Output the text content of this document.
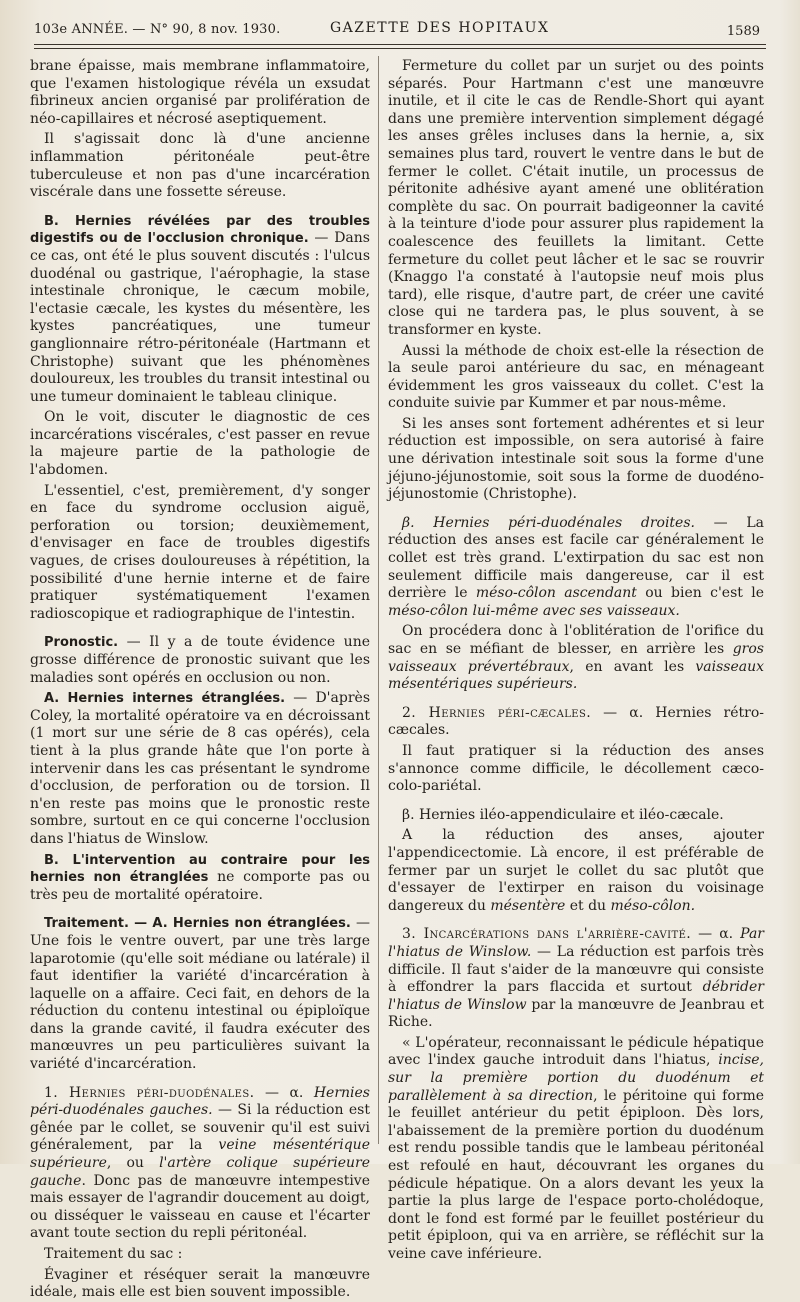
103e ANNÉE. — N° 90, 8 nov. 1930.	GAZETTE DES HOPITAUX	1589

brane épaisse, mais membrane inflammatoire, que l'examen histologique révéla un exsudat fibrineux ancien organisé par prolifération de néo-capillaires et nécrosé aseptiquement.

Il s'agissait donc là d'une ancienne inflammation péritonéale peut-être tuberculeuse et non pas d'une incarcération viscérale dans une fossette séreuse.

B. Hernies révélées par des troubles digestifs ou de l'occlusion chronique. — Dans ce cas, ont été le plus souvent discutés : l'ulcus duodénal ou gastrique, l'aérophagie, la stase intestinale chronique, le cæcum mobile, l'ectasie cæcale, les kystes du mésentère, les kystes pancréatiques, une tumeur ganglionnaire rétro-péritonéale (Hartmann et Christophe) suivant que les phénomènes douloureux, les troubles du transit intestinal ou une tumeur dominaient le tableau clinique.

On le voit, discuter le diagnostic de ces incarcérations viscérales, c'est passer en revue la majeure partie de la pathologie de l'abdomen.

L'essentiel, c'est, premièrement, d'y songer en face du syndrome occlusion aiguë, perforation ou torsion; deuxièmement, d'envisager en face de troubles digestifs vagues, de crises douloureuses à répétition, la possibilité d'une hernie interne et de faire pratiquer systématiquement l'examen radioscopique et radiographique de l'intestin.

Pronostic. — Il y a de toute évidence une grosse différence de pronostic suivant que les maladies sont opérés en occlusion ou non.

A. Hernies internes étranglées. — D'après Coley, la mortalité opératoire va en décroissant (1 mort sur une série de 8 cas opérés), cela tient à la plus grande hâte que l'on porte à intervenir dans les cas présentant le syndrome d'occlusion, de perforation ou de torsion. Il n'en reste pas moins que le pronostic reste sombre, surtout en ce qui concerne l'occlusion dans l'hiatus de Winslow.

B. L'intervention au contraire pour les hernies non étranglées ne comporte pas ou très peu de mortalité opératoire.

Traitement. — A. Hernies non étranglées. — Une fois le ventre ouvert, par une très large laparotomie (qu'elle soit médiane ou latérale) il faut identifier la variété d'incarcération à laquelle on a affaire. Ceci fait, en dehors de la réduction du contenu intestinal ou épiploïque dans la grande cavité, il faudra exécuter des manœuvres un peu particulières suivant la variété d'incarcération.

1. Hernies péri-duodénales. — α. Hernies péri-duodénales gauches. — Si la réduction est gênée par le collet, se souvenir qu'il est suivi généralement, par la veine mésentérique supérieure, ou l'artère colique supérieure gauche. Donc pas de manœuvre intempestive mais essayer de l'agrandir doucement au doigt, ou disséquer le vaisseau en cause et l'écarter avant toute section du repli péritonéal.

Traitement du sac :

Évaginer et réséquer serait la manœuvre idéale, mais elle est bien souvent impossible.

Fermeture du collet par un surjet ou des points séparés. Pour Hartmann c'est une manœuvre inutile, et il cite le cas de Rendle-Short qui ayant dans une première intervention simplement dégagé les anses grêles incluses dans la hernie, a, six semaines plus tard, rouvert le ventre dans le but de fermer le collet. C'était inutile, un processus de péritonite adhésive ayant amené une oblitération complète du sac. On pourrait badigeonner la cavité à la teinture d'iode pour assurer plus rapidement la coalescence des feuillets la limitant. Cette fermeture du collet peut lâcher et le sac se rouvrir (Knaggo l'a constaté à l'autopsie neuf mois plus tard), elle risque, d'autre part, de créer une cavité close qui ne tardera pas, le plus souvent, à se transformer en kyste.

Aussi la méthode de choix est-elle la résection de la seule paroi antérieure du sac, en ménageant évidemment les gros vaisseaux du collet. C'est la conduite suivie par Kummer et par nous-même.

Si les anses sont fortement adhérentes et si leur réduction est impossible, on sera autorisé à faire une dérivation intestinale soit sous la forme d'une jéjuno-jéjunostomie, soit sous la forme de duodéno-jéjunostomie (Christophe).

β. Hernies péri-duodénales droites. — La réduction des anses est facile car généralement le collet est très grand. L'extirpation du sac est non seulement difficile mais dangereuse, car il est derrière le méso-côlon ascendant ou bien c'est le méso-côlon lui-même avec ses vaisseaux.

On procédera donc à l'oblitération de l'orifice du sac en se méfiant de blesser, en arrière les gros vaisseaux prévertébraux, en avant les vaisseaux mésentériques supérieurs.

2. Hernies péri-cæcales. — α. Hernies rétro-cæcales.

Il faut pratiquer si la réduction des anses s'annonce comme difficile, le décollement cæco-colo-pariétal.

β. Hernies iléo-appendiculaire et iléo-cæcale.

A la réduction des anses, ajouter l'appendicectomie. Là encore, il est préférable de fermer par un surjet le collet du sac plutôt que d'essayer de l'extirper en raison du voisinage dangereux du mésentère et du méso-côlon.

3. Incarcérations dans l'arrière-cavité. — α. Par l'hiatus de Winslow. — La réduction est parfois très difficile. Il faut s'aider de la manœuvre qui consiste à effondrer la pars flaccida et surtout débrider l'hiatus de Winslow par la manœuvre de Jeanbrau et Riche.

« L'opérateur, reconnaissant le pédicule hépatique avec l'index gauche introduit dans l'hiatus, incise, sur la première portion du duodénum et parallèlement à sa direction, le péritoine qui forme le feuillet antérieur du petit épiploon. Dès lors, l'abaissement de la première portion du duodénum est rendu possible tandis que le lambeau péritonéal est refoulé en haut, découvrant les organes du pédicule hépatique. On a alors devant les yeux la partie la plus large de l'espace porto-cholédoque, dont le fond est formé par le feuillet postérieur du petit épiploon, qui va en arrière, se réfléchit sur la veine cave inférieure.
